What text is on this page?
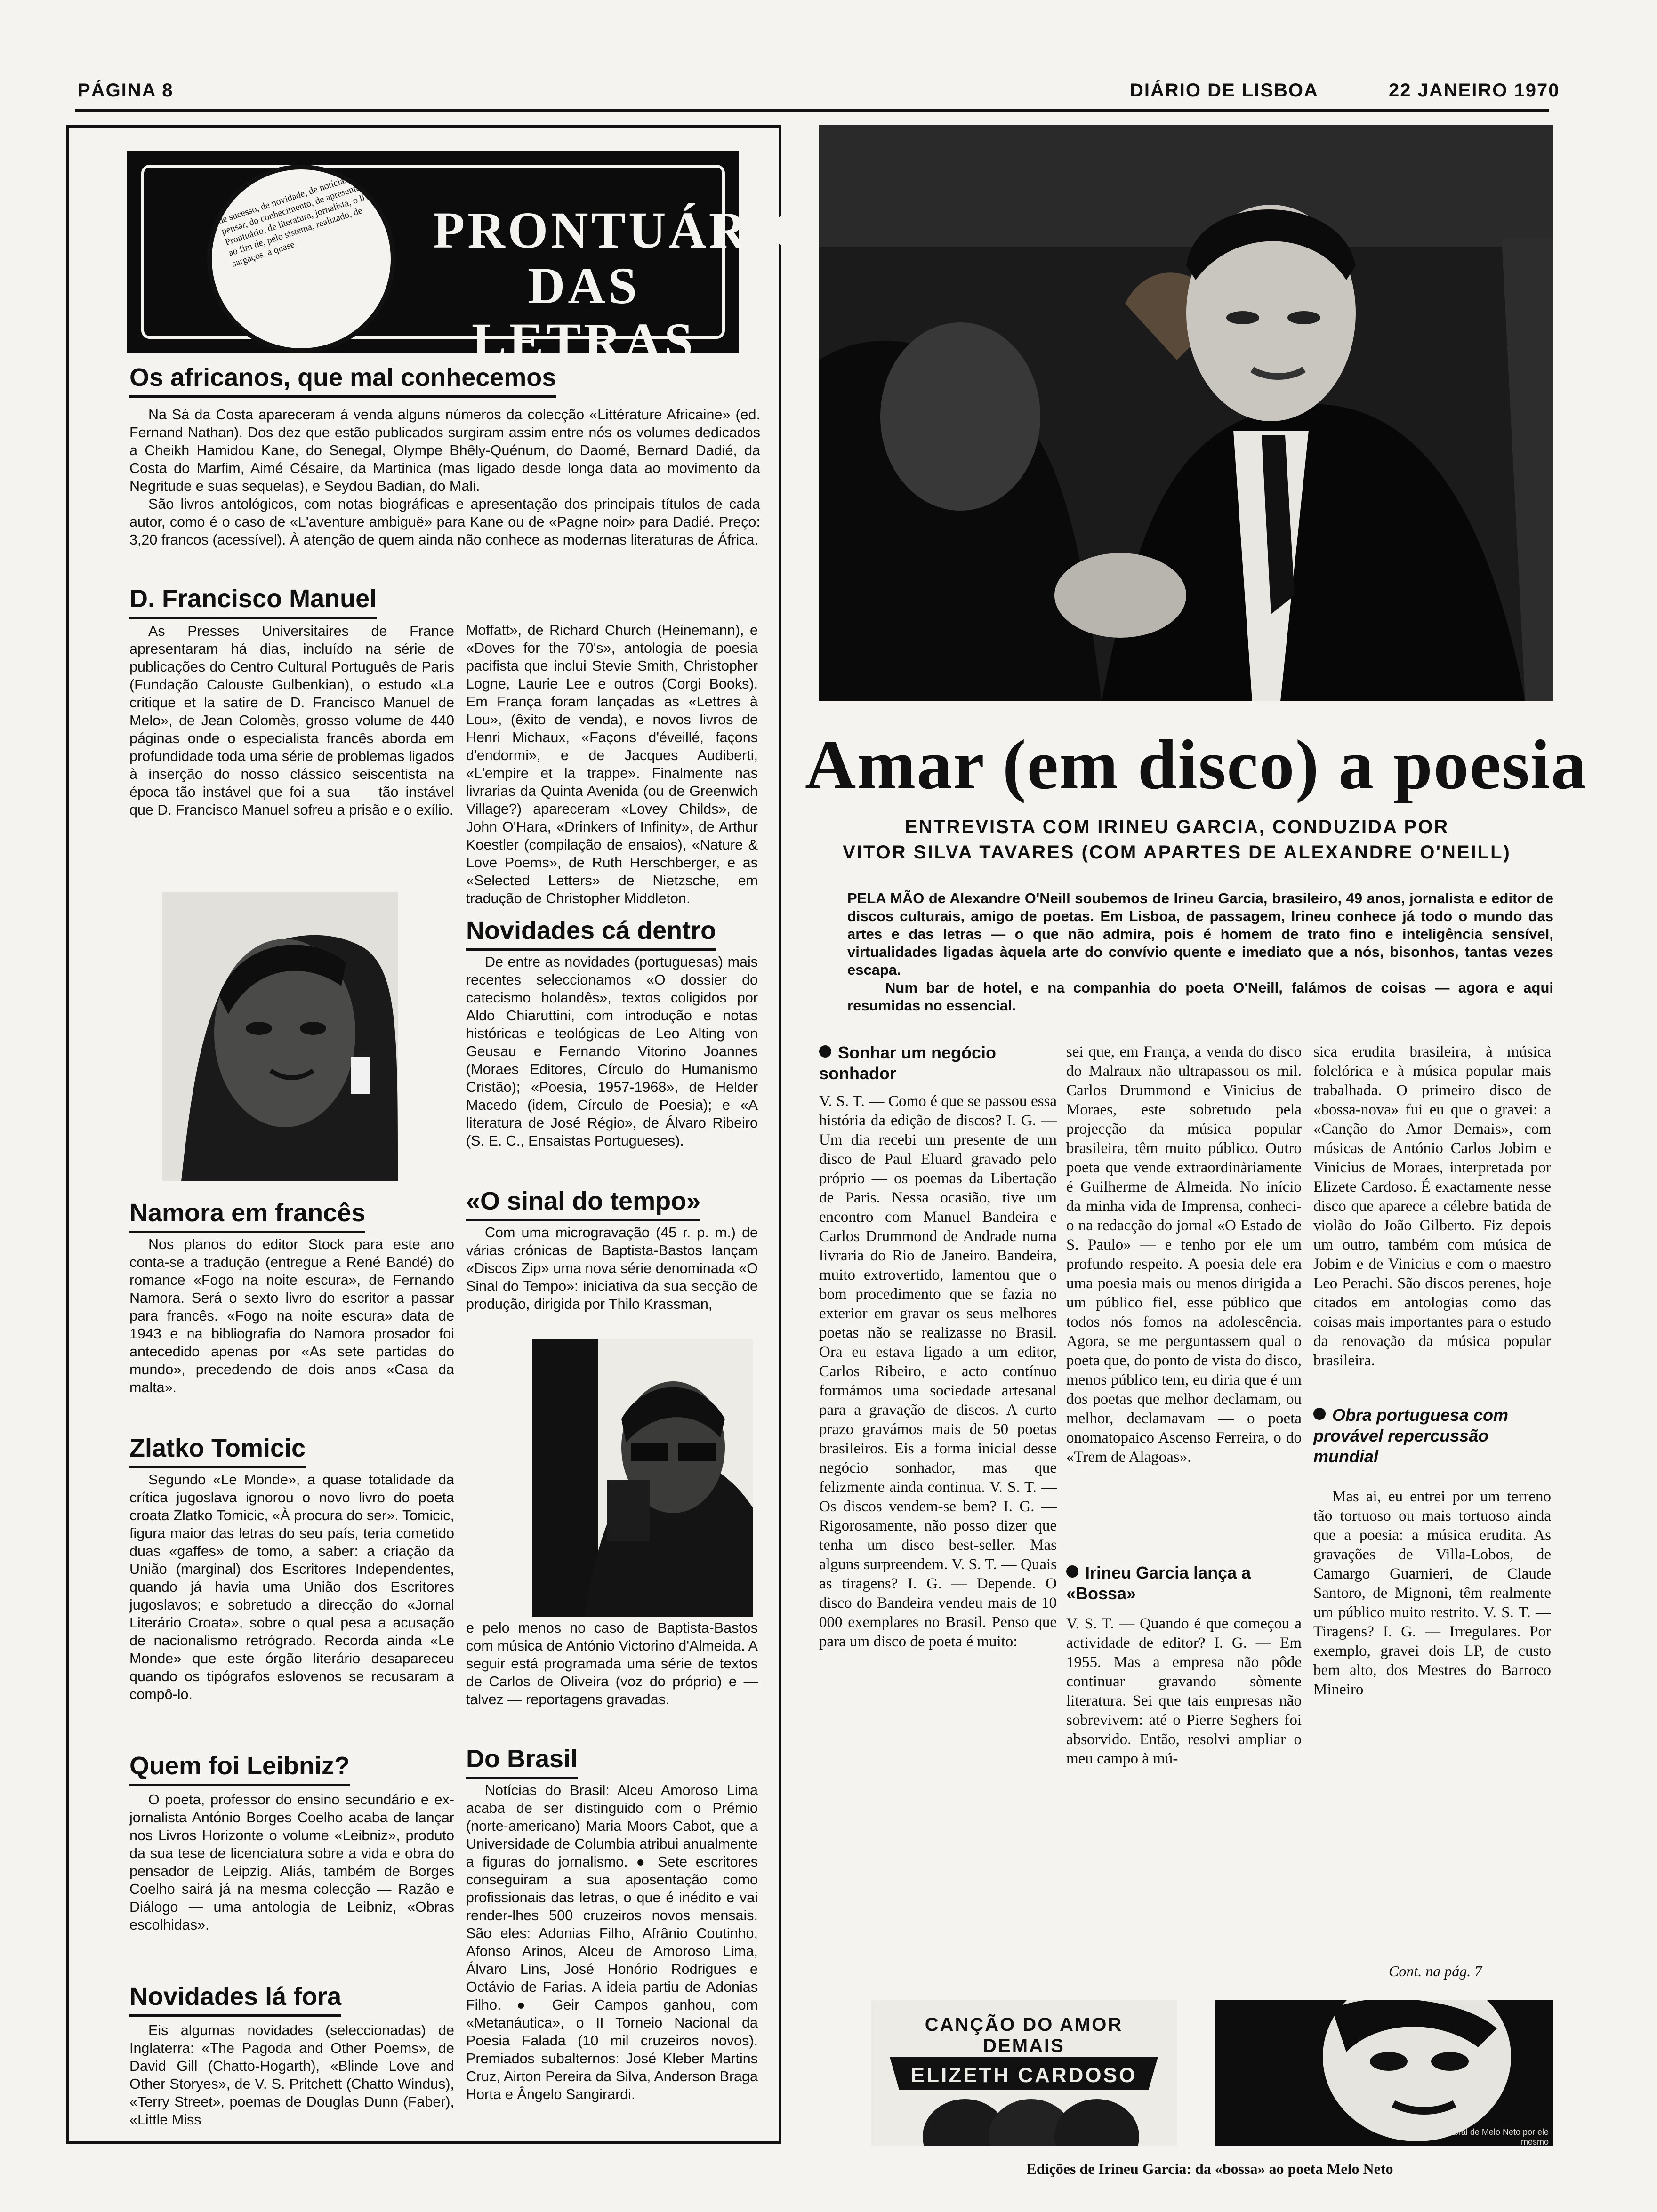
PÁGINA 8	DIÁRIO DE LISBOA	22 JANEIRO 1970
de sucesso, de novidade, de notícia, de pensar, do conhecimento, de apresentação, Prontuário, de literatura, jornalista, o livro, ao fim de, pelo sistema, realizado, de sargaços, a quase	PRONTUÁRIO
DAS LETRAS
Os africanos, que mal conhecemos

Na Sá da Costa apareceram á venda alguns números da colecção «Littérature Africaine» (ed. Fernand Nathan). Dos dez que estão publicados surgiram assim entre nós os volumes dedicados a Cheikh Hamidou Kane, do Senegal, Olympe Bhêly-Quénum, do Daomé, Bernard Dadié, da Costa do Marfim, Aimé Césaire, da Martinica (mas ligado desde longa data ao movimento da Negritude e suas sequelas), e Seydou Badian, do Mali.

São livros antológicos, com notas biográficas e apresentação dos principais títulos de cada autor, como é o caso de «L'aventure ambiguë» para Kane ou de «Pagne noir» para Dadié. Preço: 3,20 francos (acessível). À atenção de quem ainda não conhece as modernas literaturas de África.

D. Francisco Manuel

As Presses Universitaires de France apresentaram há dias, incluído na série de publicações do Centro Cultural Português de Paris (Fundação Calouste Gulbenkian), o estudo «La critique et la satire de D. Francisco Manuel de Melo», de Jean Colomès, grosso volume de 440 páginas onde o especialista francês aborda em profundidade toda uma série de problemas ligados à inserção do nosso clássico seiscentista na época tão instável que foi a sua — tão instável que D. Francisco Manuel sofreu a prisão e o exílio.

Namora em francês

Nos planos do editor Stock para este ano conta-se a tradução (entregue a René Bandé) do romance «Fogo na noite escura», de Fernando Namora. Será o sexto livro do escritor a passar para francês. «Fogo na noite escura» data de 1943 e na bibliografia do Namora prosador foi antecedido apenas por «As sete partidas do mundo», precedendo de dois anos «Casa da malta».

Zlatko Tomicic

Segundo «Le Monde», a quase totalidade da crítica jugoslava ignorou o novo livro do poeta croata Zlatko Tomicic, «À procura do ser». Tomicic, figura maior das letras do seu país, teria cometido duas «gaffes» de tomo, a saber: a criação da União (marginal) dos Escritores Independentes, quando já havia uma União dos Escritores jugoslavos; e sobretudo a direcção do «Jornal Literário Croata», sobre o qual pesa a acusação de nacionalismo retrógrado. Recorda ainda «Le Monde» que este órgão literário desapareceu quando os tipógrafos eslovenos se recusaram a compô-lo.

Quem foi Leibniz?

O poeta, professor do ensino secundário e ex-jornalista António Borges Coelho acaba de lançar nos Livros Horizonte o volume «Leibniz», produto da sua tese de licenciatura sobre a vida e obra do pensador de Leipzig. Aliás, também de Borges Coelho sairá já na mesma colecção — Razão e Diálogo — uma antologia de Leibniz, «Obras escolhidas».

Novidades lá fora

Eis algumas novidades (seleccionadas) de Inglaterra: «The Pagoda and Other Poems», de David Gill (Chatto-Hogarth), «Blinde Love and Other Storyes», de V. S. Pritchett (Chatto Windus), «Terry Street», poemas de Douglas Dunn (Faber), «Little Miss

Moffatt», de Richard Church (Heinemann), e «Doves for the 70's», antologia de poesia pacifista que inclui Stevie Smith, Christopher Logne, Laurie Lee e outros (Corgi Books). Em França foram lançadas as «Lettres à Lou», (êxito de venda), e novos livros de Henri Michaux, «Façons d'éveillé, façons d'endormi», e de Jacques Audiberti, «L'empire et la trappe». Finalmente nas livrarias da Quinta Avenida (ou de Greenwich Village?) apareceram «Lovey Childs», de John O'Hara, «Drinkers of Infinity», de Arthur Koestler (compilação de ensaios), «Nature & Love Poems», de Ruth Herschberger, e as «Selected Letters» de Nietzsche, em tradução de Christopher Middleton.

Novidades cá dentro

De entre as novidades (portuguesas) mais recentes seleccionamos «O dossier do catecismo holandês», textos coligidos por Aldo Chiaruttini, com introdução e notas históricas e teológicas de Leo Alting von Geusau e Fernando Vitorino Joannes (Moraes Editores, Círculo do Humanismo Cristão); «Poesia, 1957-1968», de Helder Macedo (idem, Círculo de Poesia); e «A literatura de José Régio», de Álvaro Ribeiro (S. E. C., Ensaistas Portugueses).

«O sinal do tempo»

Com uma microgravação (45 r. p. m.) de várias crónicas de Baptista-Bastos lançam «Discos Zip» uma nova série denominada «O Sinal do Tempo»: iniciativa da sua secção de produção, dirigida por Thilo Krassman,

e pelo menos no caso de Baptista-Bastos com música de António Victorino d'Almeida. A seguir está programada uma série de textos de Carlos de Oliveira (voz do próprio) e — talvez — reportagens gravadas.

Do Brasil

Notícias do Brasil: Alceu Amoroso Lima acaba de ser distinguido com o Prémio (norte-americano) Maria Moors Cabot, que a Universidade de Columbia atribui anualmente a figuras do jornalismo. ● Sete escritores conseguiram a sua aposentação como profissionais das letras, o que é inédito e vai render-lhes 500 cruzeiros novos mensais. São eles: Adonias Filho, Afrânio Coutinho, Afonso Arinos, Alceu de Amoroso Lima, Álvaro Lins, José Honório Rodrigues e Octávio de Farias. A ideia partiu de Adonias Filho. ● Geir Campos ganhou, com «Metanáutica», o II Torneio Nacional da Poesia Falada (10 mil cruzeiros novos). Premiados subalternos: José Kleber Martins Cruz, Airton Pereira da Silva, Anderson Braga Horta e Ângelo Sangirardi.

Amar (em disco) a poesia
ENTREVISTA COM IRINEU GARCIA, CONDUZIDA POR
VITOR SILVA TAVARES (COM APARTES DE ALEXANDRE O'NEILL)

PELA MÃO de Alexandre O'Neill soubemos de Irineu Garcia, brasileiro, 49 anos, jornalista e editor de discos culturais, amigo de poetas. Em Lisboa, de passagem, Irineu conhece já todo o mundo das artes e das letras — o que não admira, pois é homem de trato fino e inteligência sensível, virtualidades ligadas àquela arte do convívio quente e imediato que a nós, bisonhos, tantas vezes escapa.

Num bar de hotel, e na companhia do poeta O'Neill, falámos de coisas — agora e aqui resumidas no essencial.

Sonhar um negócio sonhador

V. S. T. — Como é que se passou essa história da edição de discos? I. G. — Um dia recebi um presente de um disco de Paul Eluard gravado pelo próprio — os poemas da Libertação de Paris. Nessa ocasião, tive um encontro com Manuel Bandeira e Carlos Drummond de Andrade numa livraria do Rio de Janeiro. Bandeira, muito extrovertido, lamentou que o bom procedimento que se fazia no exterior em gravar os seus melhores poetas não se realizasse no Brasil. Ora eu estava ligado a um editor, Carlos Ribeiro, e acto contínuo formámos uma sociedade artesanal para a gravação de discos. A curto prazo gravámos mais de 50 poetas brasileiros. Eis a forma inicial desse negócio sonhador, mas que felizmente ainda continua. V. S. T. — Os discos vendem-se bem? I. G. — Rigorosamente, não posso dizer que tenha um disco best-seller. Mas alguns surpreendem. V. S. T. — Quais as tiragens? I. G. — Depende. O disco do Bandeira vendeu mais de 10 000 exemplares no Brasil. Penso que para um disco de poeta é muito:

sei que, em França, a venda do disco do Malraux não ultrapassou os mil. Carlos Drummond e Vinicius de Moraes, este sobretudo pela projecção da música popular brasileira, têm muito público. Outro poeta que vende extraordinàriamente é Guilherme de Almeida. No início da minha vida de Imprensa, conheci-o na redacção do jornal «O Estado de S. Paulo» — e tenho por ele um profundo respeito. A poesia dele era uma poesia mais ou menos dirigida a um público fiel, esse público que todos nós fomos na adolescência. Agora, se me perguntassem qual o poeta que, do ponto de vista do disco, menos público tem, eu diria que é um dos poetas que melhor declamam, ou melhor, declamavam — o poeta onomatopaico Ascenso Ferreira, o do «Trem de Alagoas».

Irineu Garcia lança a «Bossa»

V. S. T. — Quando é que começou a actividade de editor? I. G. — Em 1955. Mas a empresa não pôde continuar gravando sòmente literatura. Sei que tais empresas não sobrevivem: até o Pierre Seghers foi absorvido. Então, resolvi ampliar o meu campo à mú-

sica erudita brasileira, à música folclórica e à música popular mais trabalhada. O primeiro disco de «bossa-nova» fui eu que o gravei: a «Canção do Amor Demais», com músicas de António Carlos Jobim e Vinicius de Moraes, interpretada por Elizete Cardoso. É exactamente nesse disco que aparece a célebre batida de violão do João Gilberto. Fiz depois um outro, também com música de Jobim e de Vinicius e com o maestro Leo Perachi. São discos perenes, hoje citados em antologias como das coisas mais importantes para o estudo da renovação da música popular brasileira.

Obra portuguesa com provável repercussão mundial

Mas ai, eu entrei por um terreno tão tortuoso ou mais tortuoso ainda que a poesia: a música erudita. As gravações de Villa-Lobos, de Camargo Guarnieri, de Claude Santoro, de Mignoni, têm realmente um público muito restrito. V. S. T. — Tiragens? I. G. — Irregulares. Por exemplo, gravei dois LP, de custo bem alto, dos Mestres do Barroco Mineiro

Cont. na pág. 7
CANÇÃO DO AMOR DEMAIS
ELIZETH CARDOSO
João Cabral de Melo Neto por ele mesmo
Edições de Irineu Garcia: da «bossa» ao poeta Melo Neto
